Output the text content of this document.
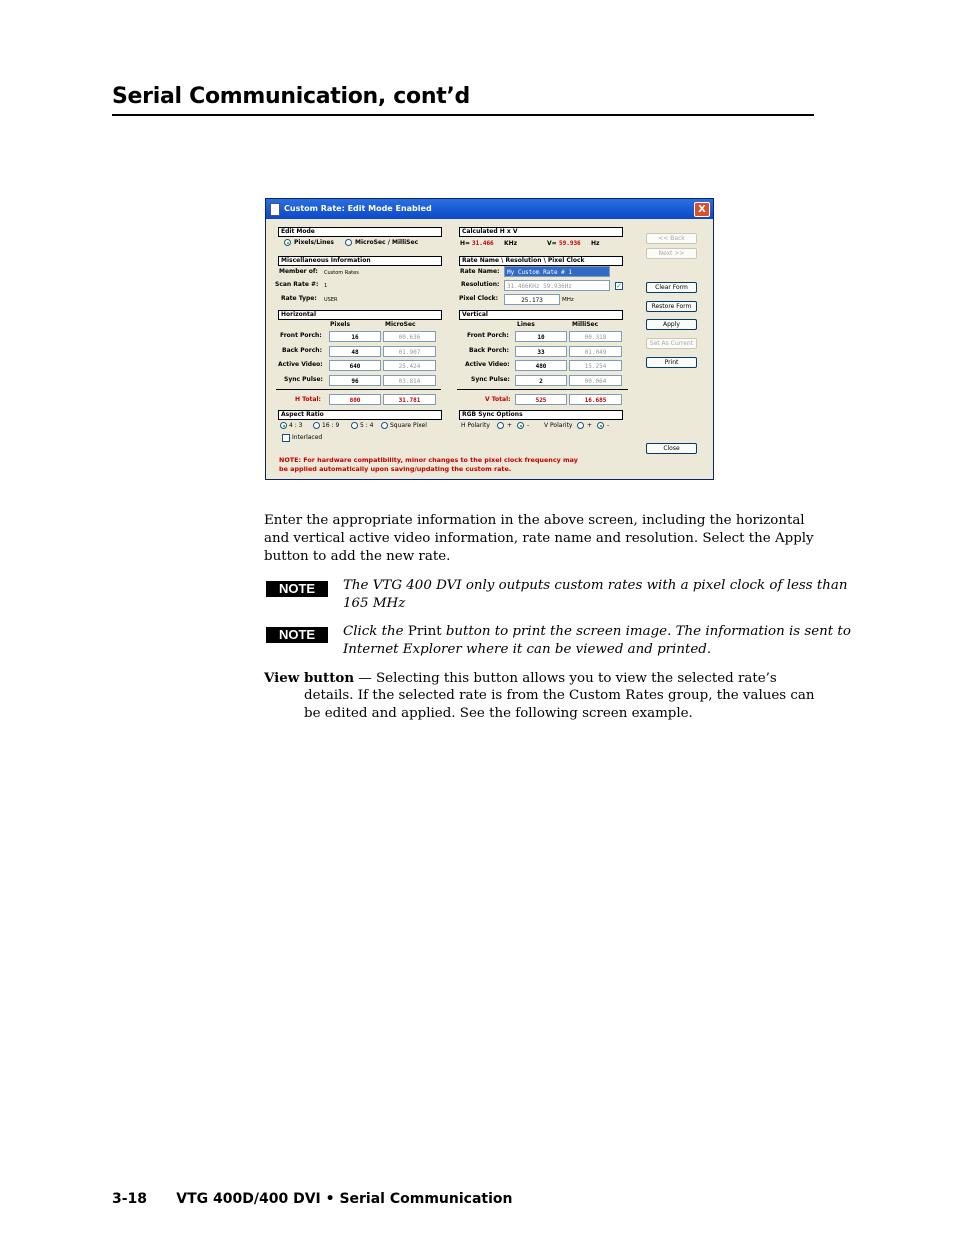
Serial Communication, cont’d
Custom Rate: Edit Mode Enabled	X
Edit Mode
Pixels/Lines	MicroSec / MilliSec
Miscellaneous Information
Member of: Custom Rates
Scan Rate #: 1
Rate Type: USER
Horizontal
Pixels	MicroSec
Front Porch:	16	00.636
Back Porch:	48	01.907
Active Video:	640	25.424
Sync Pulse:	96	03.814
H Total:	800	31.781
Aspect Ratio
4 : 3	16 : 9	5 : 4	Square Pixel
Interlaced
Calculated H x V
H= 31.466 KHz	V= 59.936 Hz
Rate Name \ Resolution \ Pixel Clock
Rate Name:	My Custom Rate # 1
Resolution:	31.466KHz 59.936Hz	✓
Pixel Clock:	25.173	MHz
Vertical
Lines	MilliSec
Front Porch:	10	00.318
Back Porch:	33	01.049
Active Video:	480	15.254
Sync Pulse:	2	00.064
V Total:	525	16.685
RGB Sync Options
H Polarity	+ - V Polarity + -
<< Back
Next >>
Clear Form
Restore Form
Apply
Set As Current
Print
Close
NOTE: For hardware compatibility, minor changes to the pixel clock frequency may
be applied automatically upon saving/updating the custom rate.
Enter the appropriate information in the above screen, including the horizontal
and vertical active video information, rate name and resolution. Select the Apply
button to add the new rate.
NOTE	The VTG 400 DVI only outputs custom rates with a pixel clock of less than
165 MHz
NOTE	Click the Print button to print the screen image. The information is sent to
Internet Explorer where it can be viewed and printed.
View button — Selecting this button allows you to view the selected rate’s
details. If the selected rate is from the Custom Rates group, the values can
be edited and applied. See the following screen example.
3-18      VTG 400D/400 DVI • Serial Communication
